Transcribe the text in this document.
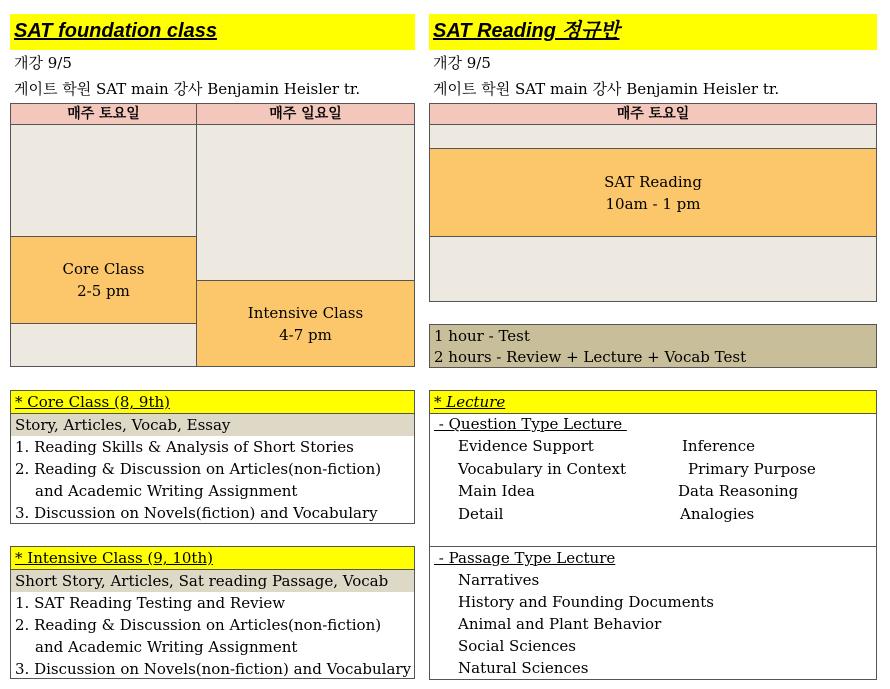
SAT foundation class
개강 9/5
게이트 학원 SAT main 강사 Benjamin Heisler tr.
매주 토요일	매주 일요일
Core Class
2-5 pm
Intensive Class
4-7 pm
* Core Class (8, 9th)
Story, Articles, Vocab, Essay
1. Reading Skills & Analysis of Short Stories
2. Reading & Discussion on Articles(non-fiction) and Academic Writing Assignment
3. Discussion on Novels(fiction) and Vocabulary
* Intensive Class (9, 10th)
Short Story, Articles, Sat reading Passage, Vocab
1. SAT Reading Testing and Review
2. Reading & Discussion on Articles(non-fiction) and Academic Writing Assignment
3. Discussion on Novels(non-fiction) and Vocabulary
SAT Reading 정규반
개강 9/5
게이트 학원 SAT main 강사 Benjamin Heisler tr.
매주 토요일
SAT Reading
10am - 1 pm
1 hour - Test
2 hours - Review + Lecture + Vocab Test
* Lecture
- Question Type Lecture
Evidence Support
Vocabulary in Context
Main Idea
Detail
Inference
Primary Purpose
Data Reasoning
Analogies
- Passage Type Lecture
Narratives
History and Founding Documents
Animal and Plant Behavior
Social Sciences
Natural Sciences
